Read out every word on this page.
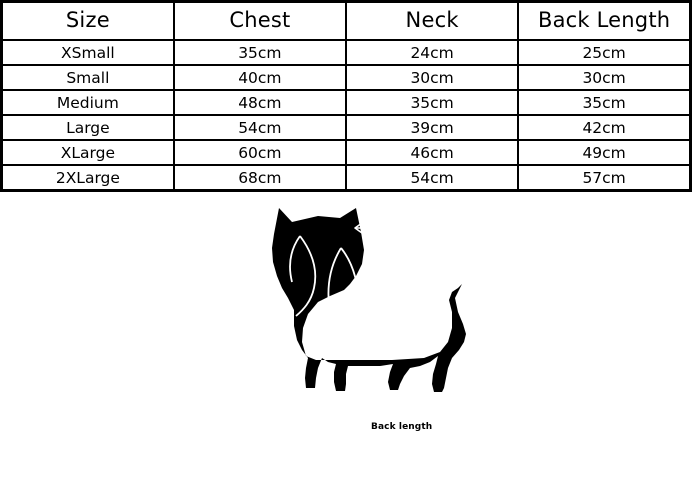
Size	Chest	Neck	Back Length
XSmall	35cm	24cm	25cm
Small	40cm	30cm	30cm
Medium	48cm	35cm	35cm
Large	54cm	39cm	42cm
XLarge	60cm	46cm	49cm
2XLarge	68cm	54cm	57cm
Back length
Neck
circumference chest circumference
